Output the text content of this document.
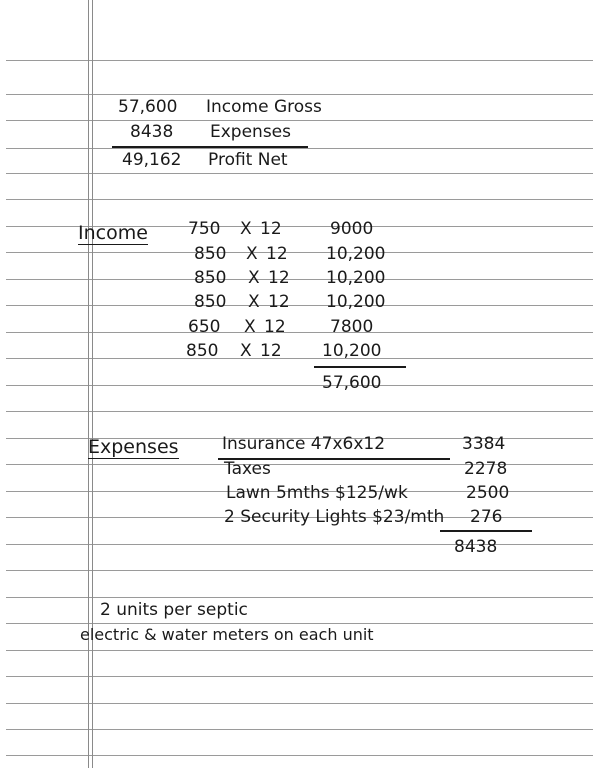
57,600 Income Gross
8438 Expenses
49,162 Profit Net
Income 750 X 12	9000
850 X 12 10,200
850 X 12 10,200
850 X 12 10,200
650 X 12	7800
850 X 12 10,200
57,600
Expenses	Insurance 47x6x12	3384
Taxes	2278
Lawn 5mths $125/wk	2500
2 Security Lights $23/mth 276
8438
2 units per septic
electric & water meters on each unit
